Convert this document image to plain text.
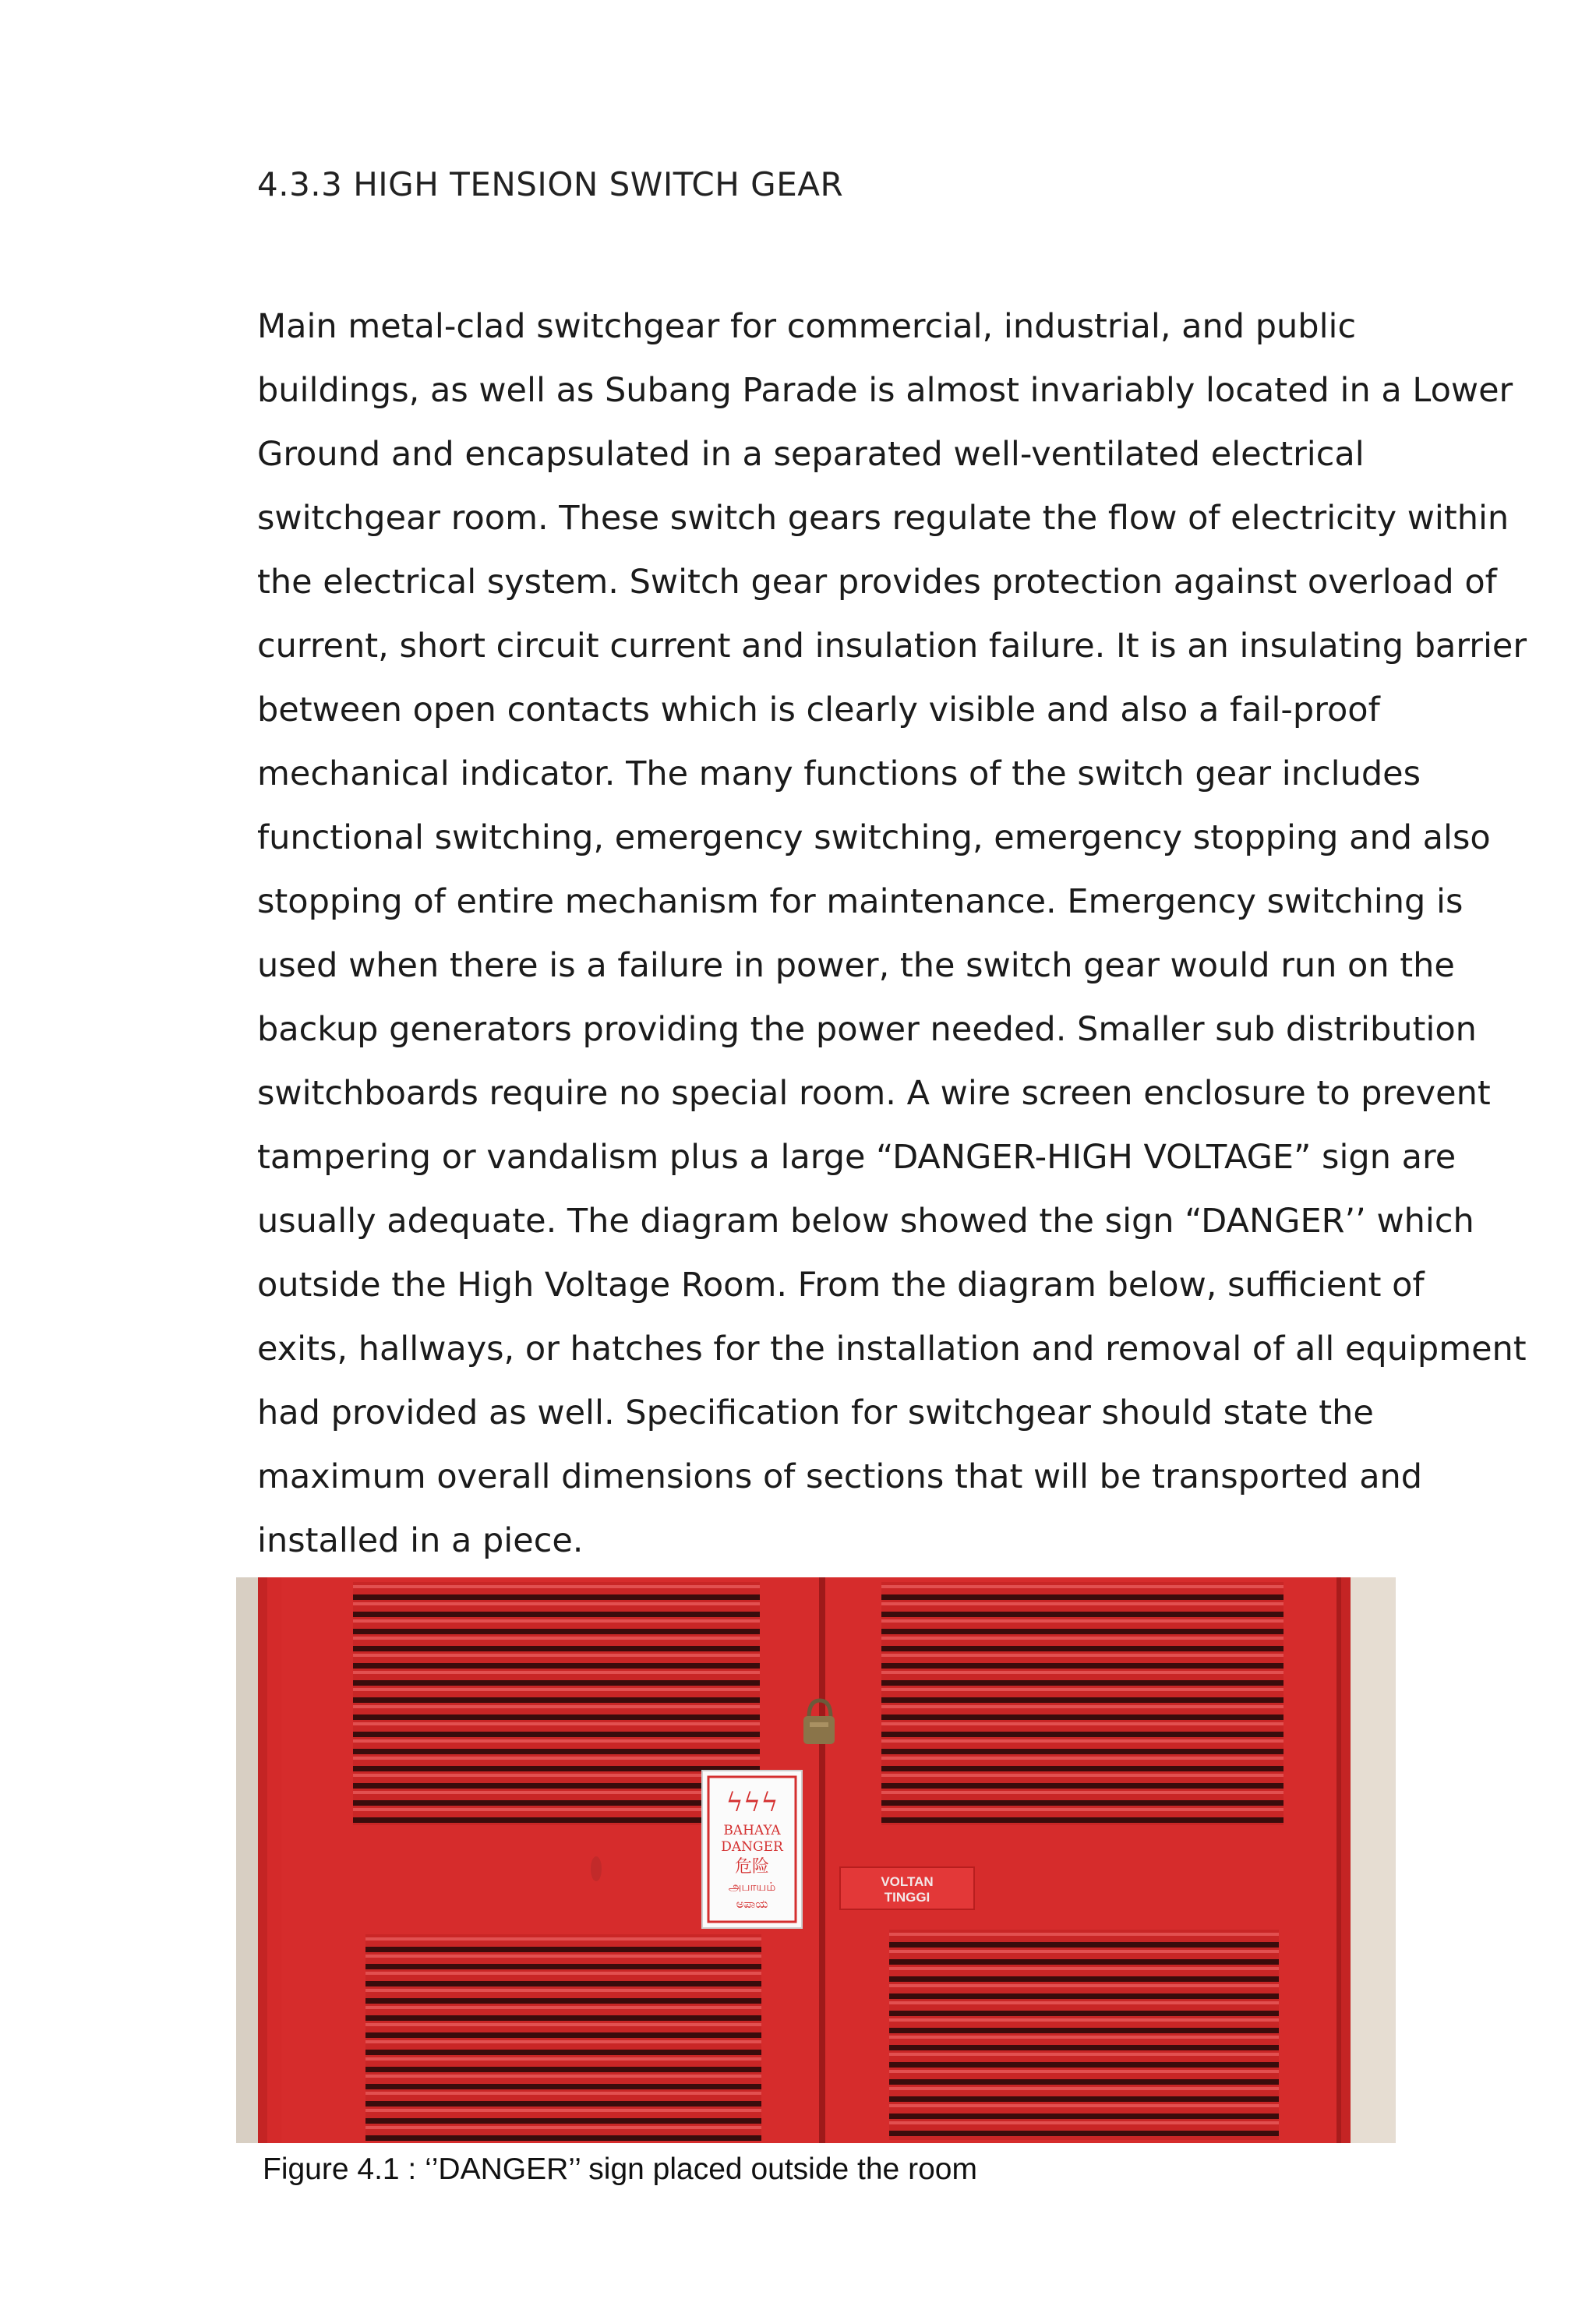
4.3.3 HIGH TENSION SWITCH GEAR
Main metal-clad switchgear for commercial, industrial, and public
buildings, as well as Subang Parade is almost invariably located in a Lower
Ground and encapsulated in a separated well-ventilated electrical
switchgear room. These switch gears regulate the flow of electricity within
the electrical system. Switch gear provides protection against overload of
current, short circuit current and insulation failure. It is an insulating barrier
between open contacts which is clearly visible and also a fail-proof
mechanical indicator. The many functions of the switch gear includes
functional switching, emergency switching, emergency stopping and also
stopping of entire mechanism for maintenance. Emergency switching is
used when there is a failure in power, the switch gear would run on the
backup generators providing the power needed. Smaller sub distribution
switchboards require no special room. A wire screen enclosure to prevent
tampering or vandalism plus a large “DANGER-HIGH VOLTAGE” sign are
usually adequate. The diagram below showed the sign “DANGER’’ which
outside the High Voltage Room. From the diagram below, sufficient of
exits, hallways, or hatches for the installation and removal of all equipment
had provided as well. Specification for switchgear should state the
maximum overall dimensions of sections that will be transported and
installed in a piece.
ϟϟϟ
BAHAYA
DANGER
危险
அபாயம்
ಅಪಾಯ
VOLTAN
TINGGI
Figure 4.1 : ‘’DANGER’’ sign placed outside the room
